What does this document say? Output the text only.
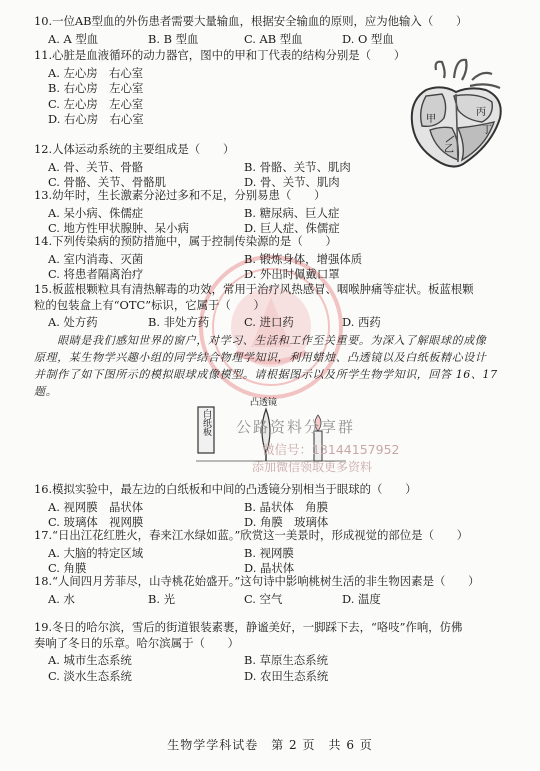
10.一位AB型血的外伤患者需要大量输血，根据安全输血的原则，应为他输入（　　）
A. A 型血	B. B 型血	C. AB 型血	D. O 型血
11.心脏是血液循环的动力器官，图中的甲和丁代表的结构分别是（　　）
A. 左心房　右心室
B. 右心房　左心室
C. 左心房　左心室
D. 右心房　右心室
12.人体运动系统的主要组成是（　　）
A. 骨、关节、骨骼	B. 骨骼、关节、肌肉
C. 骨骼、关节、骨骼肌	D. 骨、关节、肌肉
13.幼年时，生长激素分泌过多和不足，分别易患（　　）
A. 呆小病、侏儒症	B. 糖尿病、巨人症
C. 地方性甲状腺肿、呆小病	D. 巨人症、侏儒症
14.下列传染病的预防措施中，属于控制传染源的是（　　）
A. 室内消毒、灭菌	B. 锻炼身体，增强体质
C. 将患者隔离治疗	D. 外出时佩戴口罩
15.板蓝根颗粒具有清热解毒的功效，常用于治疗风热感冒、咽喉肿痛等症状。板蓝根颗
粒的包装盒上有“OTC”标识，它属于（　　）
A. 处方药	B. 非处方药	C. 进口药	D. 西药
16.模拟实验中，最左边的白纸板和中间的凸透镜分别相当于眼球的（　　）
A. 视网膜　晶状体	B. 晶状体　角膜
C. 玻璃体　视网膜	D. 角膜　玻璃体
17.“日出江花红胜火，春来江水绿如蓝。”欣赏这一美景时，形成视觉的部位是（　　）
A. 大脑的特定区域	B. 视网膜
C. 角膜	D. 晶状体
18.“人间四月芳菲尽，山寺桃花始盛开。”这句诗中影响桃树生活的非生物因素是（　　）
A. 水	B. 光	C. 空气	D. 温度
19.冬日的哈尔滨，雪后的街道银装素裹，静谧美好，一脚踩下去，“咯吱”作响，仿佛
奏响了冬日的乐章。哈尔滨属于（　　）
A. 城市生态系统	B. 草原生态系统
C. 淡水生态系统	D. 农田生态系统
　　眼睛是我们感知世界的窗户，对学习、生活和工作至关重要。为深入了解眼球的成像
原理，某生物学兴趣小组的同学结合物理学知识，利用蜡烛、凸透镜以及白纸板精心设计
并制作了如下图所示的模拟眼球成像模型。请根据图示以及所学生物学知识，回答 16、17
题。
丙
甲
丁
乙
凸透镜
白纸板 公路资料分享群
微信号：13144157952
添加微信领取更多资料
生物学学科试卷　第 2 页　共 6 页
